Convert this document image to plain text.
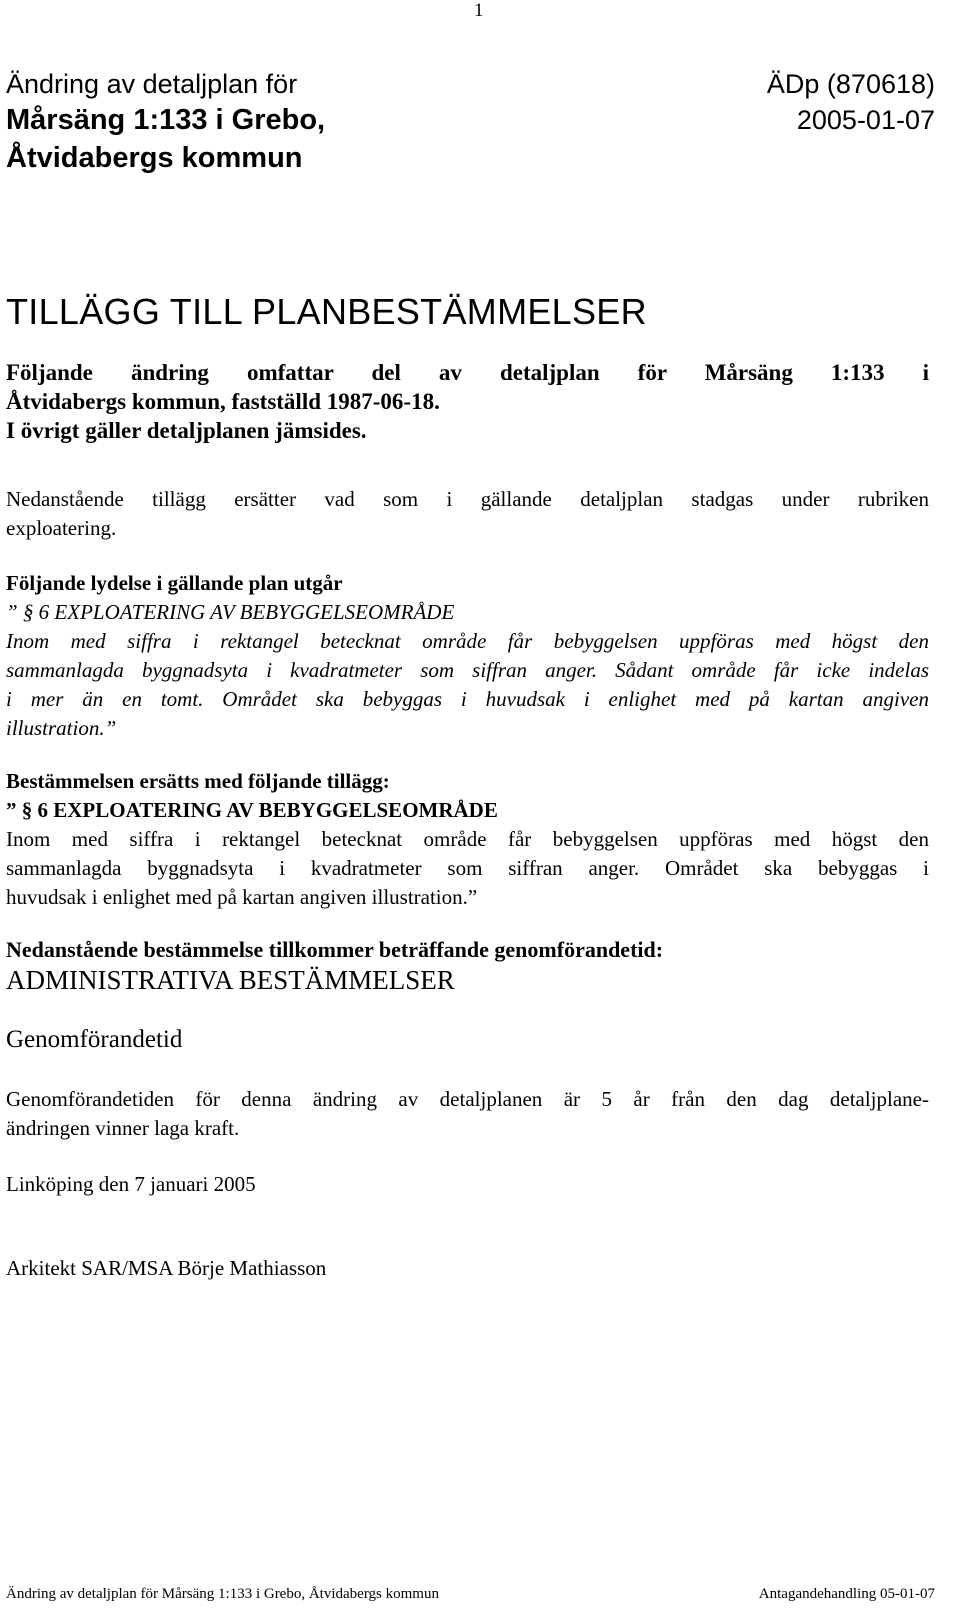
1
Ändring av detaljplan för
Mårsäng 1:133 i Grebo,
Åtvidabergs kommun
ÄDp (870618)
2005-01-07
TILLÄGG TILL PLANBESTÄMMELSER
Följande ändring omfattar del av detaljplan för Mårsäng 1:133 i
Åtvidabergs kommun, fastställd 1987-06-18.
I övrigt gäller detaljplanen jämsides.
Nedanstående tillägg ersätter vad som i gällande detaljplan stadgas under rubriken
exploatering.
Följande lydelse i gällande plan utgår
” § 6 EXPLOATERING AV BEBYGGELSEOMRÅDE
Inom med siffra i rektangel betecknat område får bebyggelsen uppföras med högst den
sammanlagda byggnadsyta i kvadratmeter som siffran anger. Sådant område får icke indelas
i mer än en tomt. Området ska bebyggas i huvudsak i enlighet med på kartan angiven
illustration.”
Bestämmelsen ersätts med följande tillägg:
” § 6 EXPLOATERING AV BEBYGGELSEOMRÅDE
Inom med siffra i rektangel betecknat område får bebyggelsen uppföras med högst den
sammanlagda byggnadsyta i kvadratmeter som siffran anger. Området ska bebyggas i
huvudsak i enlighet med på kartan angiven illustration.”
Nedanstående bestämmelse tillkommer beträffande genomförandetid:
ADMINISTRATIVA BESTÄMMELSER
Genomförandetid
Genomförandetiden för denna ändring av detaljplanen är 5 år från den dag detaljplane-
ändringen vinner laga kraft.
Linköping den 7 januari 2005
Arkitekt SAR/MSA Börje Mathiasson
Ändring av detaljplan för Mårsäng 1:133 i Grebo, Åtvidabergs kommun	Antagandehandling 05-01-07
